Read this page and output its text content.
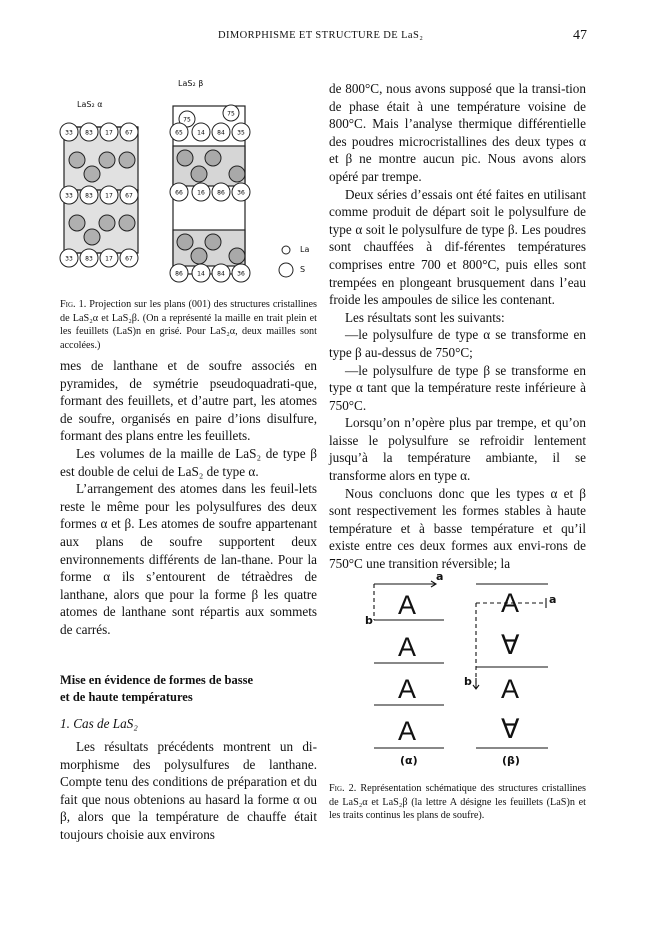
DIMORPHISME ET STRUCTURE DE LaS₂	47
LaS₂ α
LaS₂ β
33 83 17 67
33 83 17 67
33 83 17 67
75
75
65 14 84 35
66 16 86 36
86 14 84 36
La
S
Fig. 1. Projection sur les plans (001) des structures cristallines de LaS₂α et LaS₂β. (On a représenté la maille en trait plein et les feuillets (LaS)n en grisé. Pour LaS₂α, deux mailles sont accolées.)

mes de lanthane et de soufre associés en pyramides, de symétrie pseudoquadrati-que, formant des feuillets, et d’autre part, les atomes de soufre, organisés en paire d’ions disulfure, formant des plans entre les feuillets.

Les volumes de la maille de LaS₂ de type β est double de celui de LaS₂ de type α.

L’arrangement des atomes dans les feuil-lets reste le même pour les polysulfures des deux formes α et β. Les atomes de soufre appartenant aux plans de soufre supportent deux environnements différents de lan-thane. Pour la forme α ils s’entourent de tétraèdres de lanthane, alors que pour la forme β les quatre atomes de lanthane sont répartis aux sommets de carrés.

Mise en évidence de formes de basse
et de haute températures
1. Cas de LaS₂

Les résultats précédents montrent un di-morphisme des polysulfures de lanthane. Compte tenu des conditions de préparation et du fait que nous obtenions au hasard la forme α ou β, alors que la température de chauffe était toujours choisie aux environs

de 800°C, nous avons supposé que la transi-tion de phase était à une température voisine de 800°C. Mais l’analyse thermique différentielle des poudres microcristallines des deux types α et β ne montre aucun pic. Nous avons alors opéré par trempe.

Deux séries d’essais ont été faites en utilisant comme produit de départ soit le polysulfure de type α soit le polysulfure de type β. Les poudres sont chauffées à dif-férentes températures comprises entre 700 et 800°C, puis elles sont trempées en plongeant brusquement dans l’eau froide les ampoules de silice les contenant.

Les résultats sont les suivants:

—le polysulfure de type α se transforme en type β au-dessus de 750°C;

—le polysulfure de type β se transforme en type α tant que la température reste inférieure à 750°C.

Lorsqu’on n’opère plus par trempe, et qu’on laisse le polysulfure se refroidir lentement jusqu’à la température ambiante, il se transforme alors en type α.

Nous concluons donc que les types α et β sont respectivement les formes stables à haute température et à basse température et qu’il existe entre ces deux formes aux envi-rons de 750°C une transition réversible; la

A
A
A
A
A
∀
A
∀
a
b
a
b
(α)	(β)
Fig. 2. Représentation schématique des structures cristallines de LaS₂α et LaS₂β (la lettre A désigne les feuillets (LaS)n et les traits continus les plans de soufre).
